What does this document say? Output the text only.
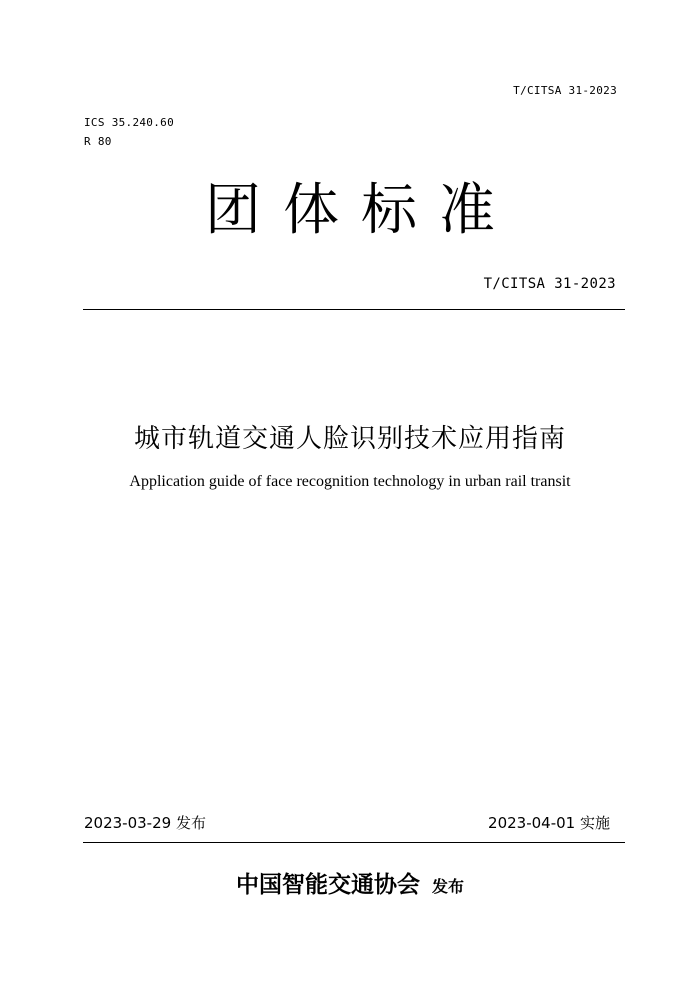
T/CITSA 31-2023
ICS 35.240.60
R 80
团体标准
T/CITSA 31-2023
城市轨道交通人脸识别技术应用指南
Application guide of face recognition technology in urban rail transit
2023-03-29 发布	2023-04-01 实施
中国智能交通协会 发布
